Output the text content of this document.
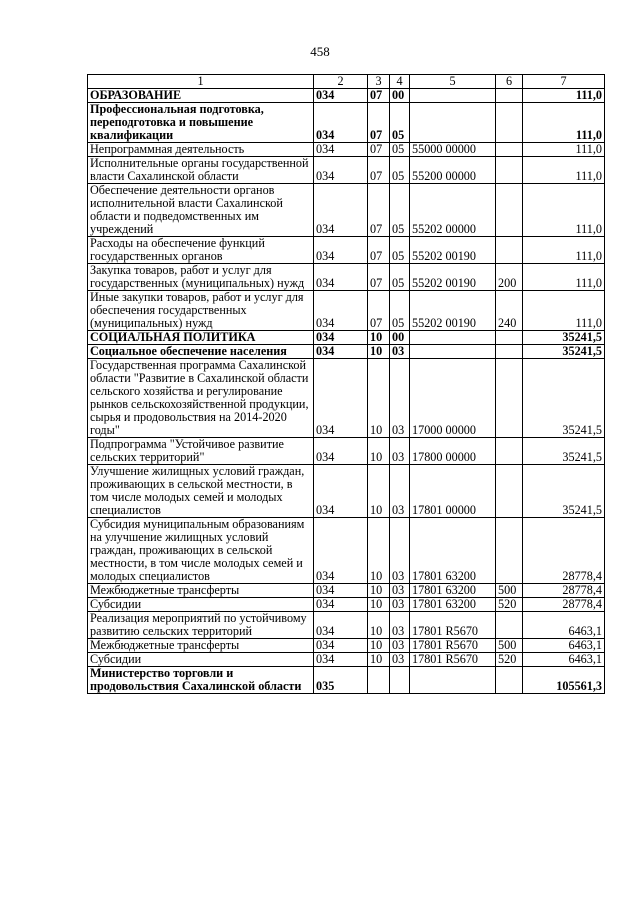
458
1	2	3	4	5	6	7
ОБРАЗОВАНИЕ	034	07	00			111,0
Профессиональная подготовка, переподготовка и повышение квалификации	034	07	05			111,0
Непрограммная деятельность	034	07	05	55000 00000		111,0
Исполнительные органы государственной власти Сахалинской области	034	07	05	55200 00000		111,0
Обеспечение деятельности органов исполнительной власти Сахалинской области и подведомственных им учреждений	034	07	05	55202 00000		111,0
Расходы на обеспечение функций государственных органов	034	07	05	55202 00190		111,0
Закупка товаров, работ и услуг для государственных (муниципальных) нужд	034	07	05	55202 00190	200	111,0
Иные закупки товаров, работ и услуг для обеспечения государственных (муниципальных) нужд	034	07	05	55202 00190	240	111,0
СОЦИАЛЬНАЯ ПОЛИТИКА	034	10	00			35241,5
Социальное обеспечение населения	034	10	03			35241,5
Государственная программа Сахалинской области "Развитие в Сахалинской области сельского хозяйства и регулирование рынков сельскохозяйственной продукции, сырья и продовольствия на 2014-2020 годы"	034	10	03	17000 00000		35241,5
Подпрограмма "Устойчивое развитие сельских территорий"	034	10	03	17800 00000		35241,5
Улучшение жилищных условий граждан, проживающих в сельской местности, в том числе молодых семей и молодых специалистов	034	10	03	17801 00000		35241,5
Субсидия муниципальным образованиям на улучшение жилищных условий граждан, проживающих в сельской местности, в том числе молодых семей и молодых специалистов	034	10	03	17801 63200		28778,4
Межбюджетные трансферты	034	10	03	17801 63200	500	28778,4
Субсидии	034	10	03	17801 63200	520	28778,4
Реализация мероприятий по устойчивому развитию сельских территорий	034	10	03	17801 R5670		6463,1
Межбюджетные трансферты	034	10	03	17801 R5670	500	6463,1
Субсидии	034	10	03	17801 R5670	520	6463,1
Министерство торговли и продовольствия Сахалинской области	035					105561,3
